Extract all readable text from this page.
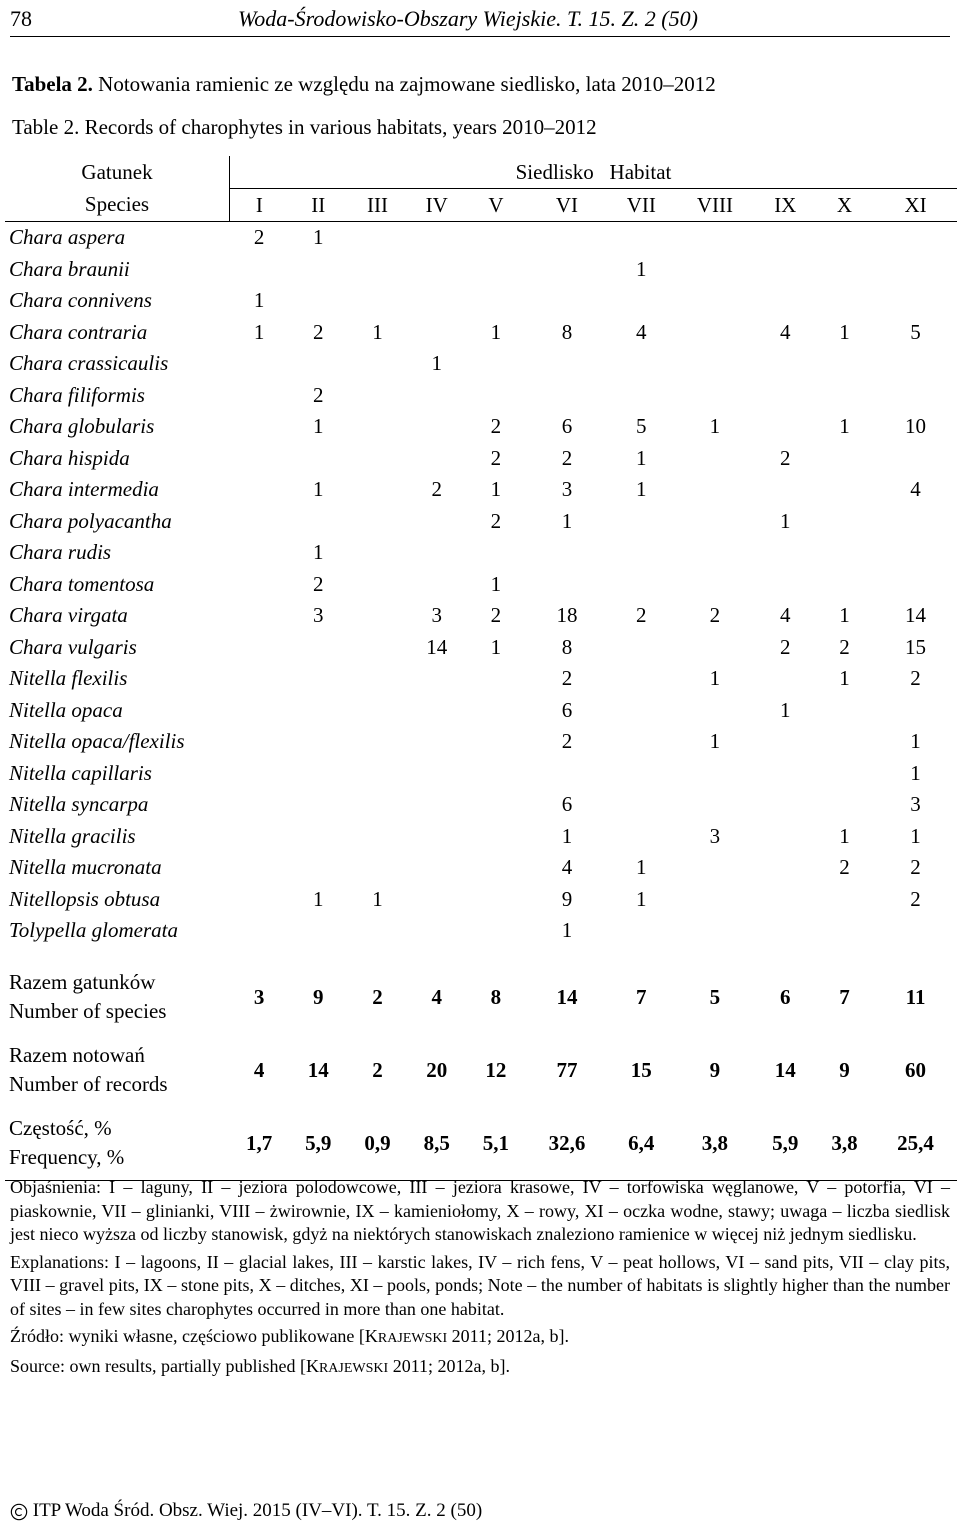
78	Woda-Środowisko-Obszary Wiejskie. T. 15. Z. 2 (50)
Tabela 2. Notowania ramienic ze względu na zajmowane siedlisko, lata 2010–2012
Table 2. Records of charophytes in various habitats, years 2010–2012
Gatunek	Siedlisko   Habitat										
Species	I	II	III	IV	V	VI	VII	VIII	IX	X	XI
Chara aspera	2	1									
Chara braunii							1				
Chara connivens	1										
Chara contraria	1	2	1		1	8	4		4	1	5
Chara crassicaulis				1							
Chara filiformis		2									
Chara globularis		1			2	6	5	1		1	10
Chara hispida					2	2	1		2		
Chara intermedia		1		2	1	3	1				4
Chara polyacantha					2	1			1		
Chara rudis		1									
Chara tomentosa		2			1						
Chara virgata		3		3	2	18	2	2	4	1	14
Chara vulgaris				14	1	8			2	2	15
Nitella flexilis						2		1		1	2
Nitella opaca						6			1		
Nitella opaca/flexilis						2		1			1
Nitella capillaris											1
Nitella syncarpa						6					3
Nitella gracilis						1		3		1	1
Nitella mucronata						4	1			2	2
Nitellopsis obtusa		1	1			9	1				2
Tolypella glomerata						1					

Razem gatunków
Number of species	3	9	2	4	8	14	7	5	6	7	11

Razem notowań
Number of records	4	14	2	20	12	77	15	9	14	9	60

Częstość, %
Frequency, %	1,7	5,9	0,9	8,5	5,1	32,6	6,4	3,8	5,9	3,8	25,4

Objaśnienia: I – laguny, II – jeziora polodowcowe, III – jeziora krasowe, IV – torfowiska węglanowe, V – potorfia, VI – piaskownie, VII – glinianki, VIII – żwirownie, IX – kamieniołomy, X – rowy, XI – oczka wodne, stawy; uwaga – liczba siedlisk jest nieco wyższa od liczby stanowisk, gdyż na niektórych stanowiskach znaleziono ramienice w więcej niż jednym siedlisku.

Explanations: I – lagoons, II – glacial lakes, III – karstic lakes, IV – rich fens, V – peat hollows, VI – sand pits, VII – clay pits, VIII – gravel pits, IX – stone pits, X – ditches, XI – pools, ponds; Note – the number of habitats is slightly higher than the number of sites – in few sites charophytes occurred in more than one habitat.

Źródło: wyniki własne, częściowo publikowane [KRAJEWSKI 2011; 2012a, b].

Source: own results, partially published [KRAJEWSKI 2011; 2012a, b].

ITP Woda Śród. Obsz. Wiej. 2015 (IV–VI). T. 15. Z. 2 (50)
